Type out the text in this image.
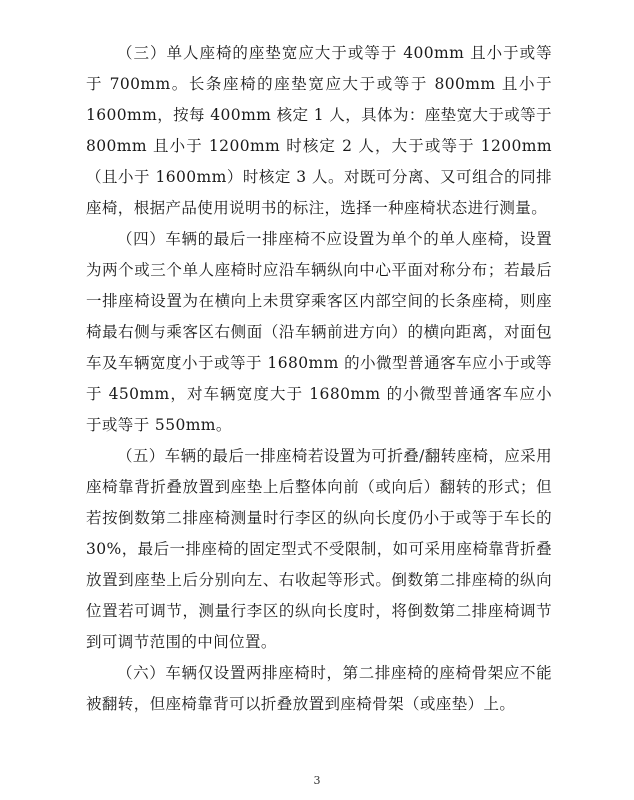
（三）单人座椅的座垫宽应大于或等于 400mm 且小于或等于 700mm。长条座椅的座垫宽应大于或等于 800mm 且小于 1600mm，按每 400mm 核定 1 人，具体为：座垫宽大于或等于 800mm 且小于 1200mm 时核定 2 人，大于或等于 1200mm（且小于 1600mm）时核定 3 人。对既可分离、又可组合的同排座椅，根据产品使用说明书的标注，选择一种座椅状态进行测量。

（四）车辆的最后一排座椅不应设置为单个的单人座椅，设置为两个或三个单人座椅时应沿车辆纵向中心平面对称分布；若最后一排座椅设置为在横向上未贯穿乘客区内部空间的长条座椅，则座椅最右侧与乘客区右侧面（沿车辆前进方向）的横向距离，对面包车及车辆宽度小于或等于 1680mm 的小微型普通客车应小于或等于 450mm，对车辆宽度大于 1680mm 的小微型普通客车应小于或等于 550mm。

（五）车辆的最后一排座椅若设置为可折叠/翻转座椅，应采用座椅靠背折叠放置到座垫上后整体向前（或向后）翻转的形式；但若按倒数第二排座椅测量时行李区的纵向长度仍小于或等于车长的 30%，最后一排座椅的固定型式不受限制，如可采用座椅靠背折叠放置到座垫上后分别向左、右收起等形式。倒数第二排座椅的纵向位置若可调节，测量行李区的纵向长度时，将倒数第二排座椅调节到可调节范围的中间位置。

（六）车辆仅设置两排座椅时，第二排座椅的座椅骨架应不能被翻转，但座椅靠背可以折叠放置到座椅骨架（或座垫）上。

3
